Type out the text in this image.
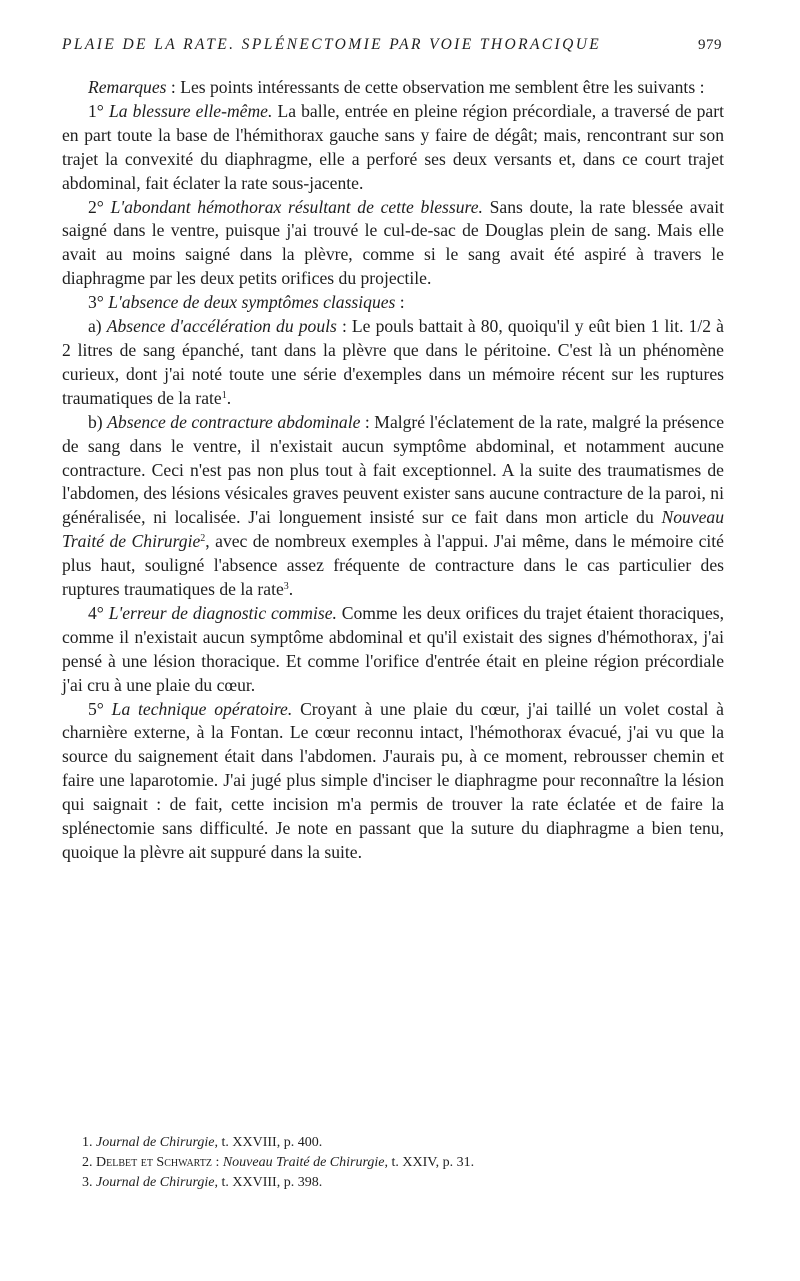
PLAIE DE LA RATE. SPLÉNECTOMIE PAR VOIE THORACIQUE	979

Remarques : Les points intéressants de cette observation me semblent être les suivants :

1° La blessure elle-même. La balle, entrée en pleine région précordiale, a traversé de part en part toute la base de l'hémithorax gauche sans y faire de dégât; mais, rencontrant sur son trajet la convexité du diaphragme, elle a perforé ses deux versants et, dans ce court trajet abdominal, fait éclater la rate sous-jacente.

2° L'abondant hémothorax résultant de cette blessure. Sans doute, la rate blessée avait saigné dans le ventre, puisque j'ai trouvé le cul-de-sac de Douglas plein de sang. Mais elle avait au moins saigné dans la plèvre, comme si le sang avait été aspiré à travers le diaphragme par les deux petits orifices du projectile.

3° L'absence de deux symptômes classiques :

a) Absence d'accélération du pouls : Le pouls battait à 80, quoiqu'il y eût bien 1 lit. 1/2 à 2 litres de sang épanché, tant dans la plèvre que dans le péritoine. C'est là un phénomène curieux, dont j'ai noté toute une série d'exemples dans un mémoire récent sur les ruptures traumatiques de la rate$^1$.

b) Absence de contracture abdominale : Malgré l'éclatement de la rate, malgré la présence de sang dans le ventre, il n'existait aucun symptôme abdominal, et notamment aucune contracture. Ceci n'est pas non plus tout à fait exceptionnel. A la suite des traumatismes de l'abdomen, des lésions vésicales graves peuvent exister sans aucune contracture de la paroi, ni généralisée, ni localisée. J'ai longuement insisté sur ce fait dans mon article du Nouveau Traité de Chirurgie$^2$, avec de nombreux exemples à l'appui. J'ai même, dans le mémoire cité plus haut, souligné l'absence assez fréquente de contracture dans le cas particulier des ruptures traumatiques de la rate$^3$.

4° L'erreur de diagnostic commise. Comme les deux orifices du trajet étaient thoraciques, comme il n'existait aucun symptôme abdominal et qu'il existait des signes d'hémothorax, j'ai pensé à une lésion thoracique. Et comme l'orifice d'entrée était en pleine région précordiale j'ai cru à une plaie du cœur.

5° La technique opératoire. Croyant à une plaie du cœur, j'ai taillé un volet costal à charnière externe, à la Fontan. Le cœur reconnu intact, l'hémothorax évacué, j'ai vu que la source du saignement était dans l'abdomen. J'aurais pu, à ce moment, rebrousser chemin et faire une laparotomie. J'ai jugé plus simple d'inciser le diaphragme pour reconnaître la lésion qui saignait : de fait, cette incision m'a permis de trouver la rate éclatée et de faire la splénectomie sans difficulté. Je note en passant que la suture du diaphragme a bien tenu, quoique la plèvre ait suppuré dans la suite.

1. Journal de Chirurgie, t. XXVIII, p. 400.
2. Delbet et Schwartz : Nouveau Traité de Chirurgie, t. XXIV, p. 31.
3. Journal de Chirurgie, t. XXVIII, p. 398.
